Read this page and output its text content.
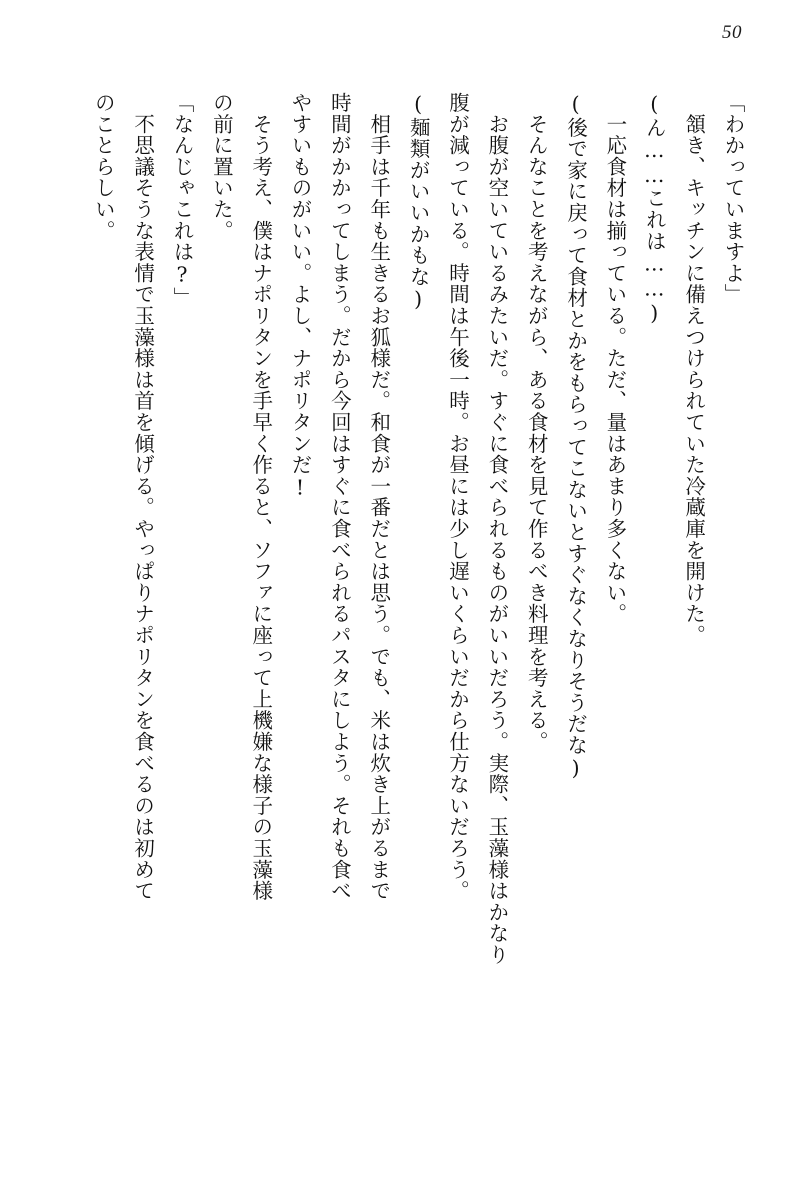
50

「わかっていますよ」

　頷き、キッチンに備えつけられていた冷蔵庫を開けた。

(ん……これは……)

　一応食材は揃っている。ただ、量はあまり多くない。

(後で家に戻って食材とかをもらってこないとすぐなくなりそうだな)

　そんなことを考えながら、ある食材を見て作るべき料理を考える。

　お腹が空いているみたいだ。すぐに食べられるものがいいだろう。実際、玉藻様はかなり

腹が減っている。時間は午後一時。お昼には少し遅いくらいだから仕方ないだろう。

(麺類がいいかもな)

　相手は千年も生きるお狐様だ。和食が一番だとは思う。でも、米は炊き上がるまで

時間がかかってしまう。だから今回はすぐに食べられるパスタにしよう。それも食べ

やすいものがいい。よし、ナポリタンだ!

　そう考え、僕はナポリタンを手早く作ると、ソファに座って上機嫌な様子の玉藻様

の前に置いた。

「なんじゃこれは?」

　不思議そうな表情で玉藻様は首を傾げる。やっぱりナポリタンを食べるのは初めて

のことらしい。
